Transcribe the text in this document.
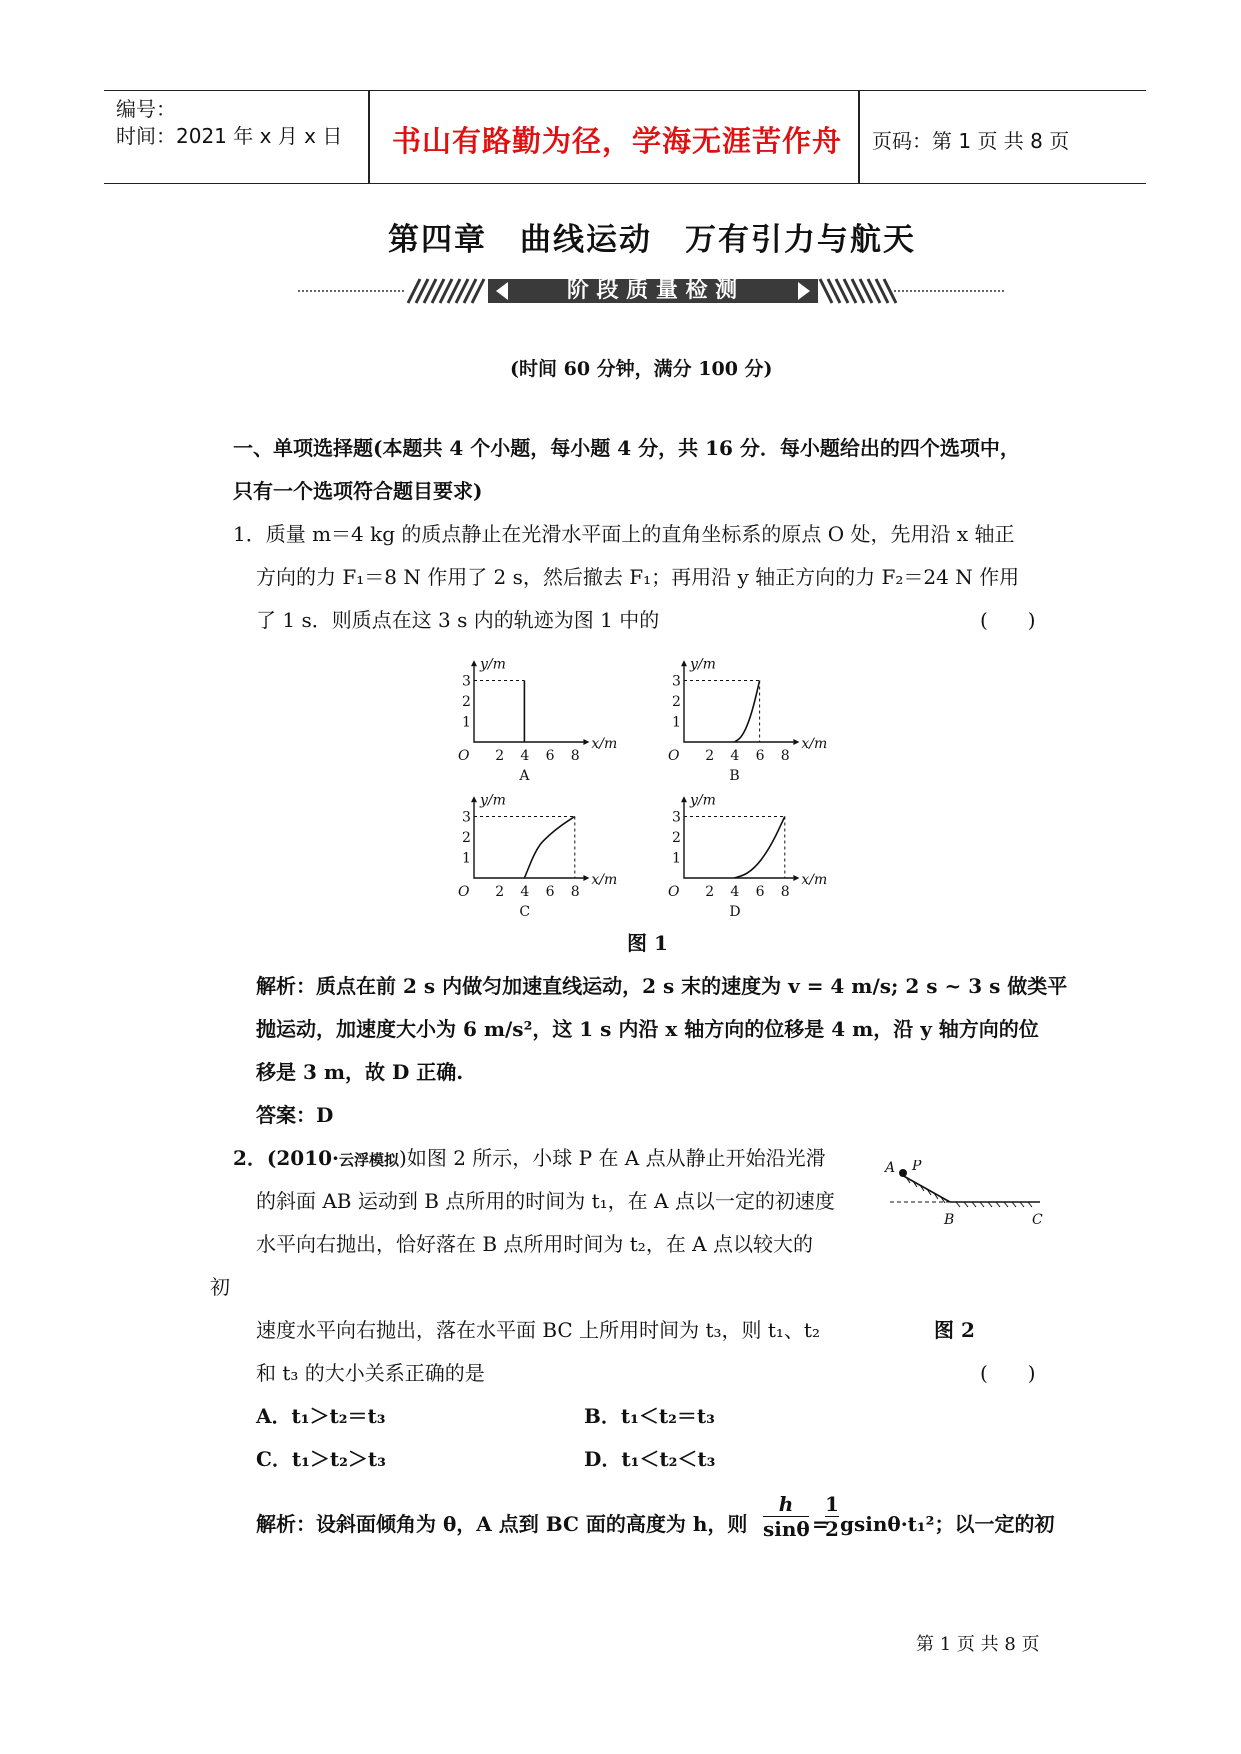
编号：
时间：2021 年 x 月 x 日 书山有路勤为径，学海无涯苦作舟 页码：第 1 页 共 8 页
第四章　曲线运动　万有引力与航天
阶 段 质 量 检 测
(时间 60 分钟，满分 100 分)
一、单项选择题(本题共 4 个小题，每小题 4 分，共 16 分．每小题给出的四个选项中，
只有一个选项符合题目要求)
1．质量 m＝4 kg 的质点静止在光滑水平面上的直角坐标系的原点 O 处，先用沿 x 轴正
方向的力 F₁＝8 N 作用了 2 s，然后撤去 F₁；再用沿 y 轴正方向的力 F₂＝24 N 作用
了 1 s．则质点在这 3 s 内的轨迹为图 1 中的	(　　)
1
2
3
2 4 6 8
O
y/m
x/m
A
1
2
3
2 4 6 8
O
y/m
x/m
B
1
2
3
2 4 6 8
O
y/m
x/m
C
1
2
3
2 4 6 8
O
y/m
x/m
D
图 1
解析：质点在前 2 s 内做匀加速直线运动，2 s 末的速度为 v = 4 m/s; 2 s ~ 3 s 做类平
抛运动，加速度大小为 6 m/s²，这 1 s 内沿 x 轴方向的位移是 4 m，沿 y 轴方向的位
移是 3 m，故 D 正确.
答案：D
2．(2010·云浮模拟)如图 2 所示，小球 P 在 A 点从静止开始沿光滑
的斜面 AB 运动到 B 点所用的时间为 t₁，在 A 点以一定的初速度
水平向右抛出，恰好落在 B 点所用时间为 t₂，在 A 点以较大的
初
速度水平向右抛出，落在水平面 BC 上所用时间为 t₃，则 t₁、t₂	图 2
和 t₃ 的大小关系正确的是	(　　)
A P
B	C
A．t₁＞t₂＝t₃	B．t₁＜t₂＝t₃
C．t₁＞t₂＞t₃	D．t₁＜t₂＜t₃
解析：设斜面倾角为 θ，A 点到 BC 面的高度为 h，则
h
sinθ =
1
2 gsinθ·t₁²；以一定的初
第 1 页 共 8 页
